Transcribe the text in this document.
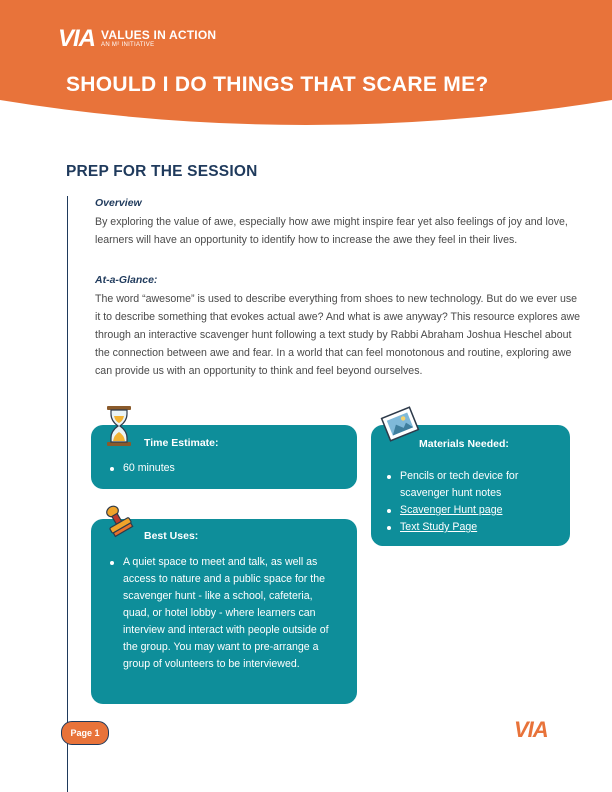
VIA VALUES IN ACTION
AN M² INITIATIVE
SHOULD I DO THINGS THAT SCARE ME?
PREP FOR THE SESSION
Overview
By exploring the value of awe, especially how awe might inspire fear yet also feelings of joy and love, learners will have an opportunity to identify how to increase the awe they feel in their lives.
At-a-Glance:
The word “awesome” is used to describe everything from shoes to new technology. But do we ever use it to describe something that evokes actual awe? And what is awe anyway? This resource explores awe through an interactive scavenger hunt following a text study by Rabbi Abraham Joshua Heschel about the connection between awe and fear. In a world that can feel monotonous and routine, exploring awe can provide us with an opportunity to think and feel beyond ourselves.
Time Estimate:
60 minutes
Materials Needed:
Pencils or tech device for scavenger hunt notes
Scavenger Hunt page
Text Study Page
Best Uses:
A quiet space to meet and talk, as well as access to nature and a public space for the scavenger hunt - like a school, cafeteria, quad, or hotel lobby - where learners can interview and interact with people outside of the group. You may want to pre-arrange a group of volunteers to be interviewed.
Page 1	VIA
